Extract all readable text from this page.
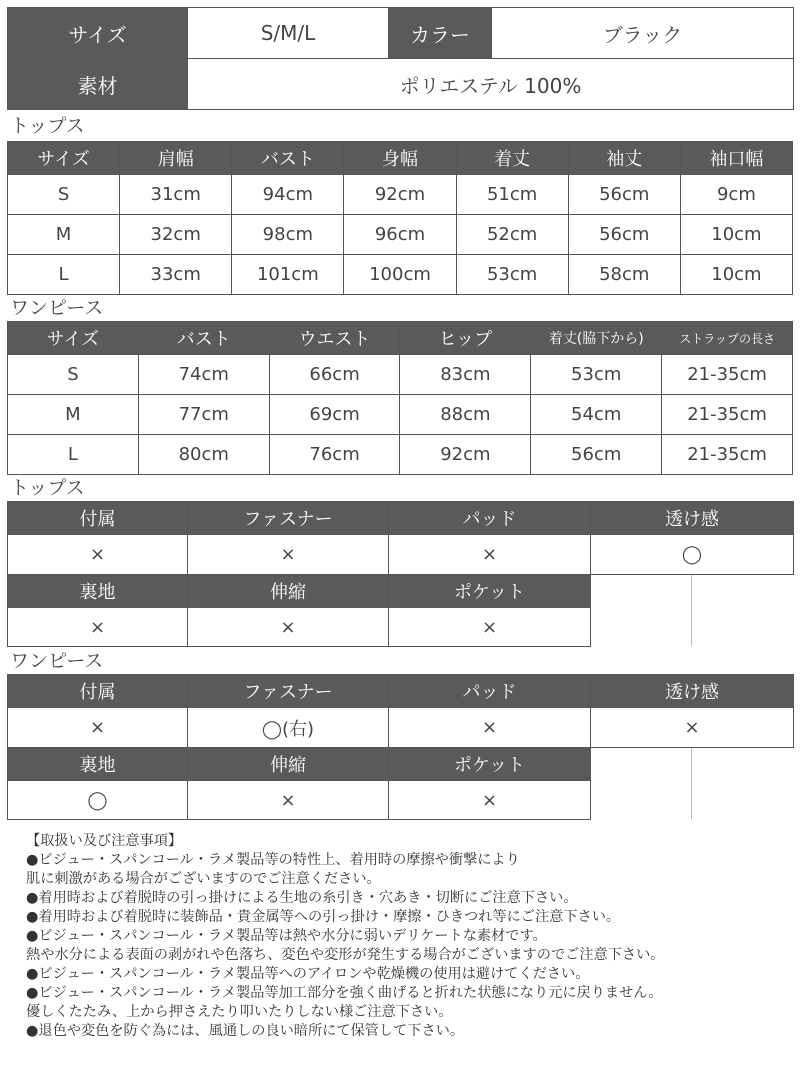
サイズ	S/M/L	カラー	ブラック
素材	ポリエステル 100%		

トップス

サイズ	肩幅	バスト	身幅	着丈	袖丈	袖口幅
S	31cm	94cm	92cm	51cm	56cm	9cm
M	32cm	98cm	96cm	52cm	56cm	10cm
L	33cm	101cm	100cm	53cm	58cm	10cm

ワンピース

サイズ	バスト	ウエスト	ヒップ	着丈(脇下から)	ストラップの長さ
S	74cm	66cm	83cm	53cm	21-35cm
M	77cm	69cm	88cm	54cm	21-35cm
L	80cm	76cm	92cm	56cm	21-35cm

トップス

付属	ファスナー	パッド	透け感
×	×	×	◯
裏地	伸縮	ポケット	
×	×	×	

ワンピース

付属	ファスナー	パッド	透け感
×	◯(右)	×	×
裏地	伸縮	ポケット	
◯	×	×	
【取扱い及び注意事項】
●ビジュー・スパンコール・ラメ製品等の特性上、着用時の摩擦や衝撃により
肌に刺激がある場合がございますのでご注意ください。
●着用時および着脱時の引っ掛けによる生地の糸引き・穴あき・切断にご注意下さい。
●着用時および着脱時に装飾品・貴金属等への引っ掛け・摩擦・ひきつれ等にご注意下さい。
●ビジュー・スパンコール・ラメ製品等は熱や水分に弱いデリケートな素材です。
熱や水分による表面の剥がれや色落ち、変色や変形が発生する場合がございますのでご注意下さい。
●ビジュー・スパンコール・ラメ製品等へのアイロンや乾燥機の使用は避けてください。
●ビジュー・スパンコール・ラメ製品等加工部分を強く曲げると折れた状態になり元に戻りません。
優しくたたみ、上から押さえたり叩いたりしない様ご注意下さい。
●退色や変色を防ぐ為には、風通しの良い暗所にて保管して下さい。
